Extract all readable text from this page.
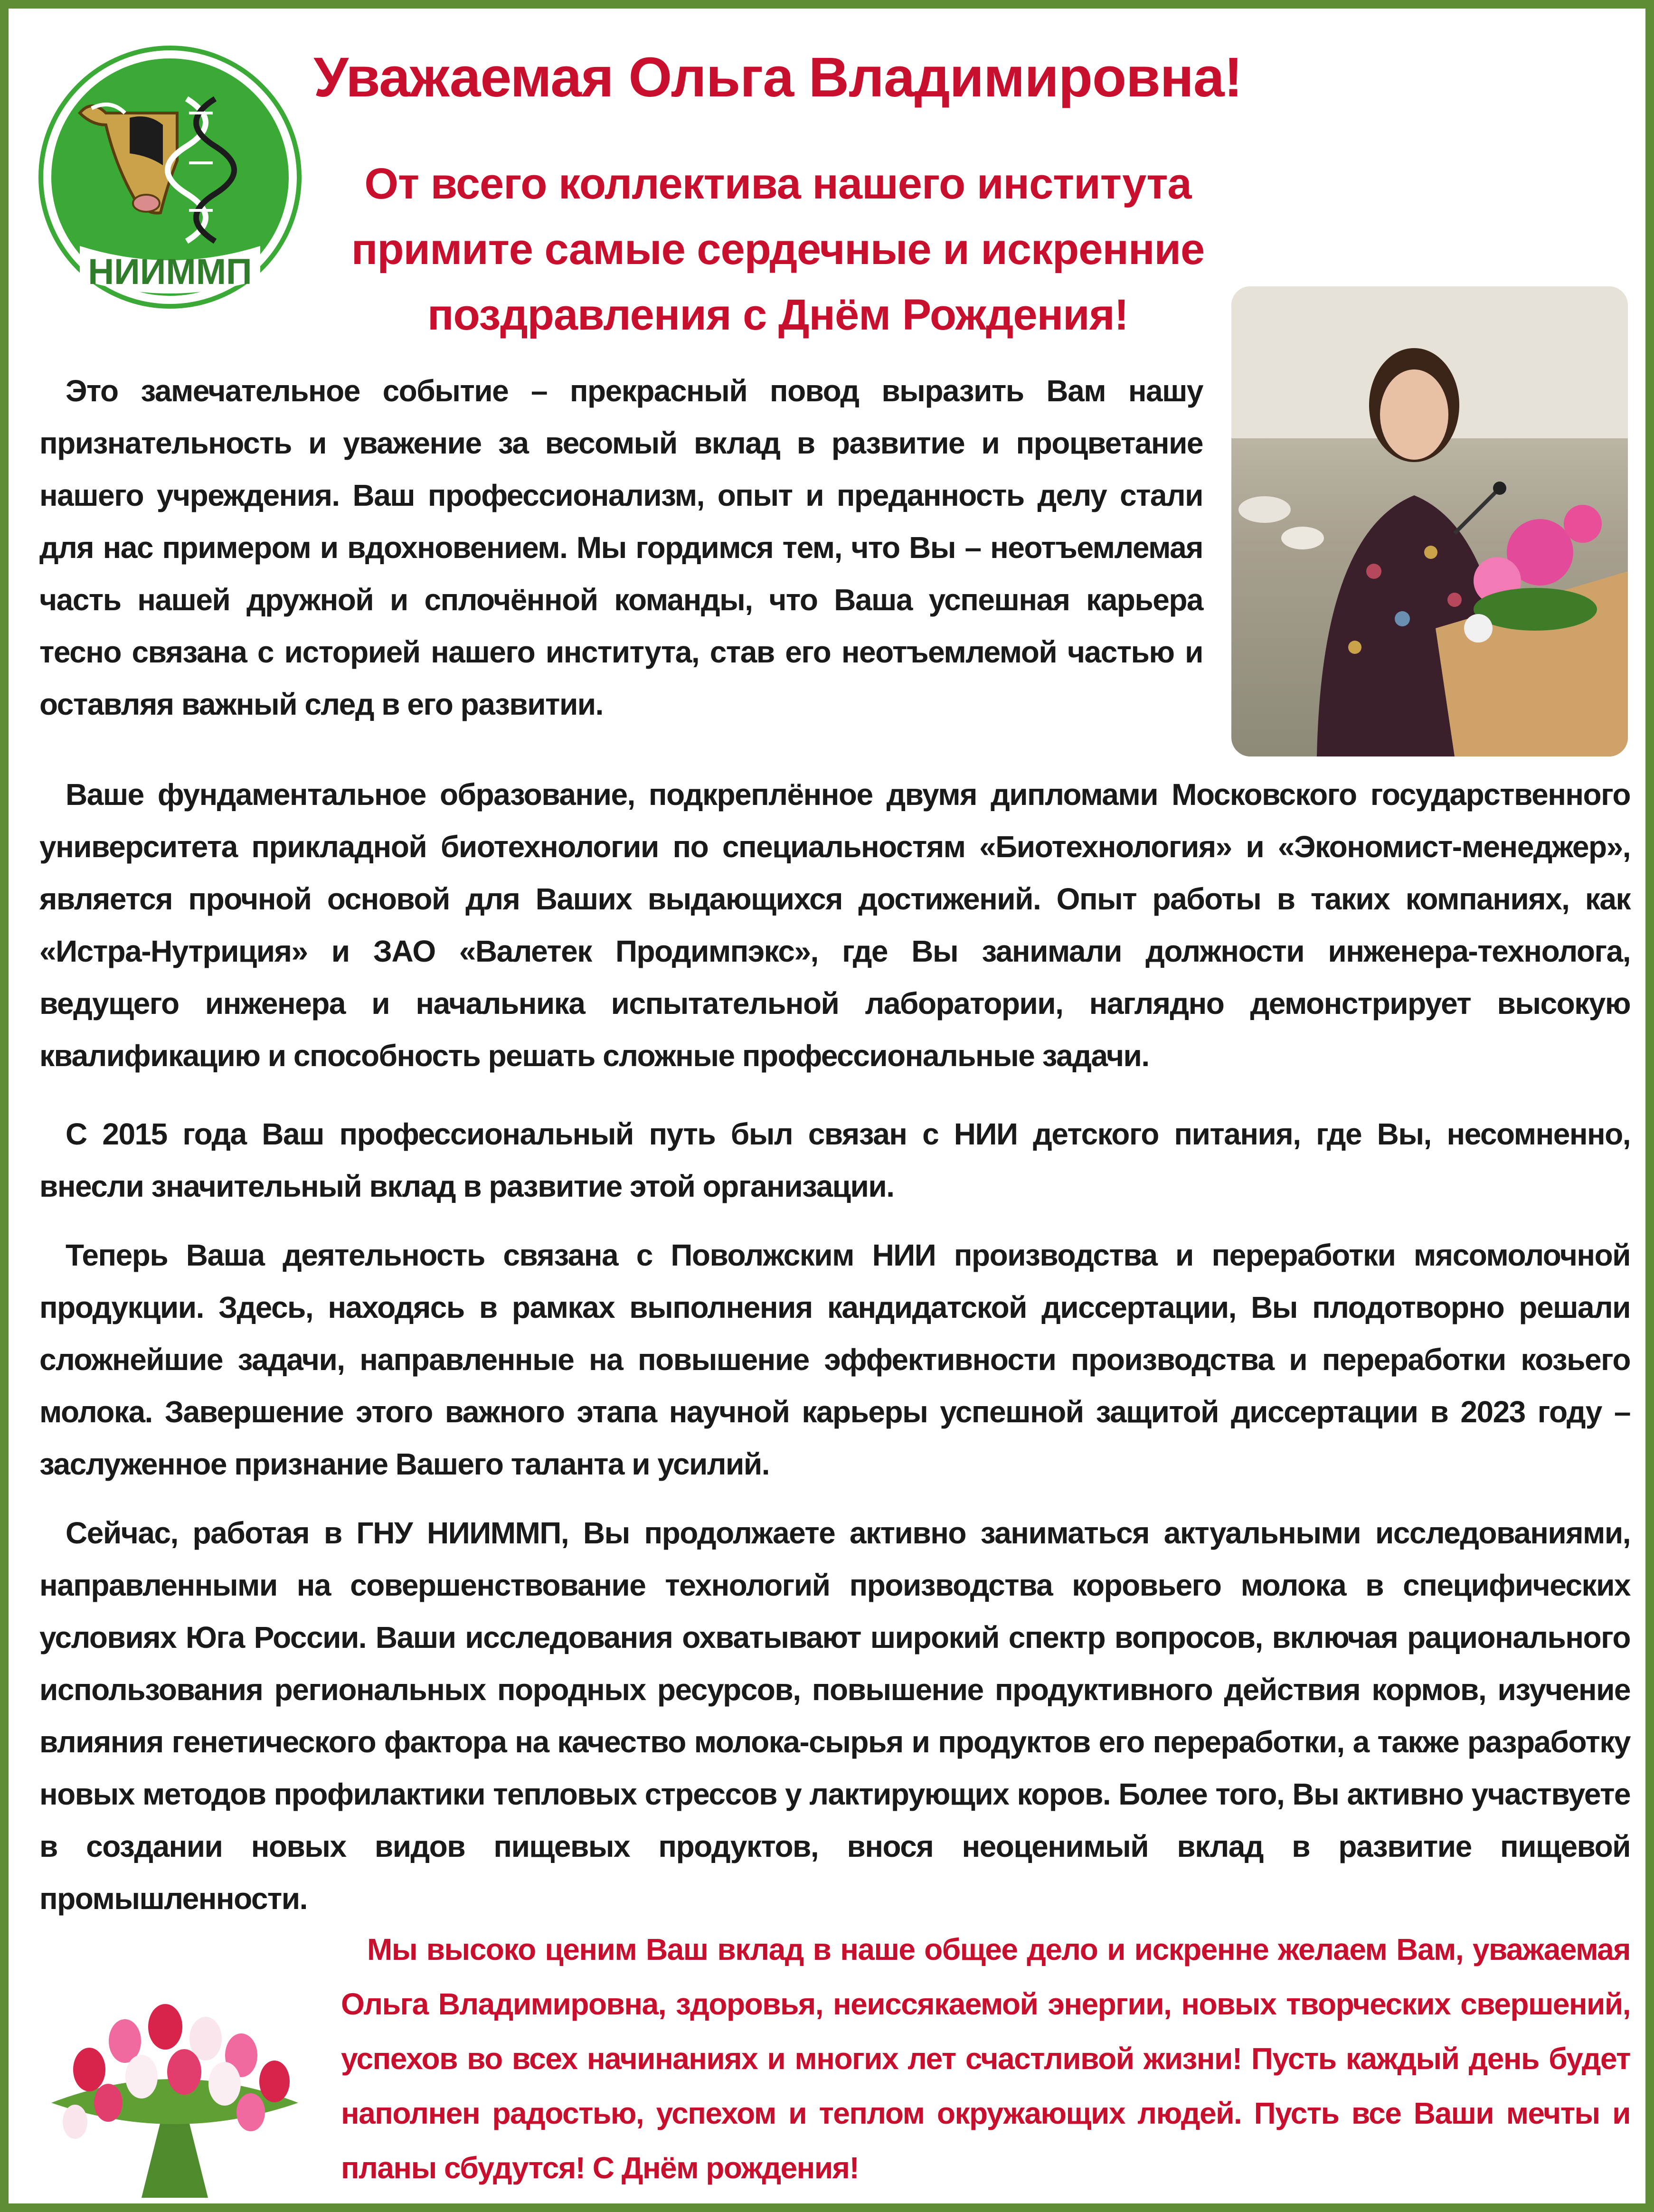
НИИММП
Уважаемая Ольга Владимировна!
От всего коллектива нашего института примите самые сердечные и искренние поздравления с Днём Рождения!

Это замечательное событие – прекрасный повод выразить Вам нашу признательность и уважение за весомый вклад в развитие и процветание нашего учреждения. Ваш профессионализм, опыт и преданность делу стали для нас примером и вдохновением. Мы гордимся тем, что Вы – неотъемлемая часть нашей дружной и сплочённой команды, что Ваша успешная карьера тесно связана с историей нашего института, став его неотъемлемой частью и оставляя важный след в его развитии.

Ваше фундаментальное образование, подкреплённое двумя дипломами Московского государственного университета прикладной биотехнологии по специальностям «Биотехнология» и «Экономист-менеджер», является прочной основой для Ваших выдающихся достижений. Опыт работы в таких компаниях, как «Истра-Нутриция» и ЗАО «Валетек Продимпэкс», где Вы занимали должности инженера-технолога, ведущего инженера и начальника испытательной лаборатории, наглядно демонстрирует высокую квалификацию и способность решать сложные профессиональные задачи.

С 2015 года Ваш профессиональный путь был связан с НИИ детского питания, где Вы, несомненно, внесли значительный вклад в развитие этой организации.

Теперь Ваша деятельность связана с Поволжским НИИ производства и переработки мясомолочной продукции. Здесь, находясь в рамках выполнения кандидатской диссертации, Вы плодотворно решали сложнейшие задачи, направленные на повышение эффективности производства и переработки козьего молока. Завершение этого важного этапа научной карьеры успешной защитой диссертации в 2023 году – заслуженное признание Вашего таланта и усилий.

Сейчас, работая в ГНУ НИИММП, Вы продолжаете активно заниматься актуальными исследованиями, направленными на совершенствование технологий производства коровьего молока в специфических условиях Юга России. Ваши исследования охватывают широкий спектр вопросов, включая рационального использования региональных породных ресурсов, повышение продуктивного действия кормов, изучение влияния генетического фактора на качество молока-сырья и продуктов его переработки, а также разработку новых методов профилактики тепловых стрессов у лактирующих коров. Более того, Вы активно участвуете в создании новых видов пищевых продуктов, внося неоценимый вклад в развитие пищевой промышленности.

Мы высоко ценим Ваш вклад в наше общее дело и искренне желаем Вам, уважаемая Ольга Владимировна, здоровья, неиссякаемой энергии, новых творческих свершений, успехов во всех начинаниях и многих лет счастливой жизни! Пусть каждый день будет наполнен радостью, успехом и теплом окружающих людей. Пусть все Ваши мечты и планы сбудутся! С Днём рождения!
